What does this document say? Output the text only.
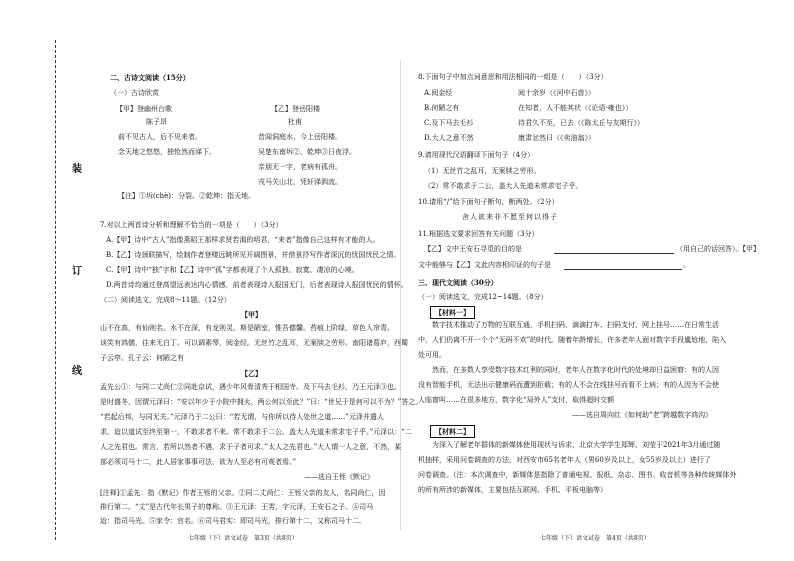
装
订
线
二、古诗文阅读（15分）
（一）古诗欣赏
【甲】登幽州台歌
陈子昂
前不见古人，后不见来者。
念天地之悠悠，独怆然而涕下。
【乙】登岳阳楼
杜甫
昔闻洞庭水，今上岳阳楼。
吴楚东南坼②，乾坤③日夜浮。
亲朋无一字，老病有孤舟。
戎马关山北，凭轩涕泗流。
【注】①坼(chè)：分裂。②乾坤：指天地。
7.对以上两首诗分析和理解不恰当的一项是（　　）（3分）
A.【甲】诗中“古人”指像燕昭王那样求贤若渴的明君，“来者”指像自己这样有才能的人。
B.【乙】诗颈联描写，绘制作者登楼远眺所见开阔图景，并借景抒写作者深沉的忧国忧民之情。
C.【甲】诗中“独”字和【乙】诗中“孤”字都表现了个人孤独、寂寞、凄凉的心境。
D.两首诗均通过登高望远表达内心情感，前者表现诗人报国无门，后者表现诗人报国忧民的情怀。
（二）阅读选文，完成8～11题。（12分）
【甲】
山不在高，有仙则名。水不在深，有龙则灵。斯是陋室，惟吾德馨。苔痕上阶绿，草色入帘青。
谈笑有鸿儒，往来无白丁。可以调素琴，阅金经。无丝竹之乱耳，无案牍之劳形。南阳诸葛庐，西蜀
子云亭。孔子云：何陋之有
【乙】
孟先公①：与同二丈尚仁②同赴京试，遇少年风骨清秀于相国寺。及下马去毛衫，乃王元泽③也。
是时盛冬，因谓元泽曰：“安以年少于小院中拥火，两公何以至此？”曰：“世兄于是何可以不为？”答之。
“若起后邦，与同无关。”元泽乃于二公曰：“若无谓，与你所以待人处世之道……”元泽并遣人
求。迨以道试至终至第一，不敢求者不来。常不敢求于二公。盖大人先道未常求宅子乎。”元泽以：“二
人之先君也。常言，若所以然者不遇，求于子者可求。”太人之先君也。”大人谓一人之意，不然，某
部必须司马十二，此人居家事事可法，欲为人至必有可观者焉。”
——选自王铚《默记》
[注释]①孟先：指《默记》作者王铚的父亲。②同二丈尚仁：王铚父亲的友人，名同尚仁，因
排行第二。“丈”是古代年长男子的尊称。③王元泽：王雱，字元泽，王安石之子。④司马
迨：指司马光。⑤家令：官名。⑥司马君实：即司马光，排行第十二，又称司马十二。
七年级（下）语文试卷　第3页（共8页）
8.下面句子中加点词意思和用法相同的一组是（　　）（3分）
A.阅金经	阅十余岁（《河中石兽》）
B.何陋之有	在知者，人不能其状（《论语·雍也》）
C.及下马去毛衫	待君久不至，已去（《陈太丘与友期行》）
D.大人之意不然	康肃忿然曰（《卖油翁》）
9.请用现代汉语翻译下面句子（4分）
（1）无丝竹之乱耳，无案牍之劳形。
（2）常不敢求于二公，盖大人先道未常求宅子乎。
10.请用“/”给下面句子断句，断两处。（2分）
舍人欲来非不愿至何以得子
11.根据选文要求回答有关问题（3分）
【乙】文中王安石寻觅的目的是	（用自己的话回答）。【甲】
文中能够与【乙】文此内容相印证的句子是	。
三、现代文阅读（30分）
（一）阅读选文，完成12~14题。（8分）
【材料一】
数字技术推动了万物的互联互通，手机扫码、滴滴打车、扫码支付、网上挂号……在日常生活
中，人们仍离不开一个个“无码不欢”的时代。随着年龄增长，许多老年人面对数字手段尴尬地，陷入
处可用。
然而，在多数人享受数字技术红利的同时，老年人在数字化时代的处境却日益困窘：有的人因
没有智能手机，无法出示健康码而遭到拒载；有的人不会在线挂号而看不上病；有的人因为不会使
人临窗叫……在很多地方，数字化“局外人”支付，取得超时交额
——选自周向红《如何助“老”跨越数字鸿沟》
【材料二】
为深入了解老年群体的新媒体使用现状与诉求，北京大学学生郑辉、刘莹于2021年3月通过随
机抽样，采用问卷调查的方法，对西安市65名老年人（男60岁及以上，女55岁及以上）进行了
问卷调查。（注：本次调查中，新媒体是指除了普通电视、报纸、杂志、图书、收音机等各种传统媒体外
的所有所涉的新媒体，主要包括互联网、手机、平板电脑等）
七年级（下）语文试卷　第4页（共8页）
